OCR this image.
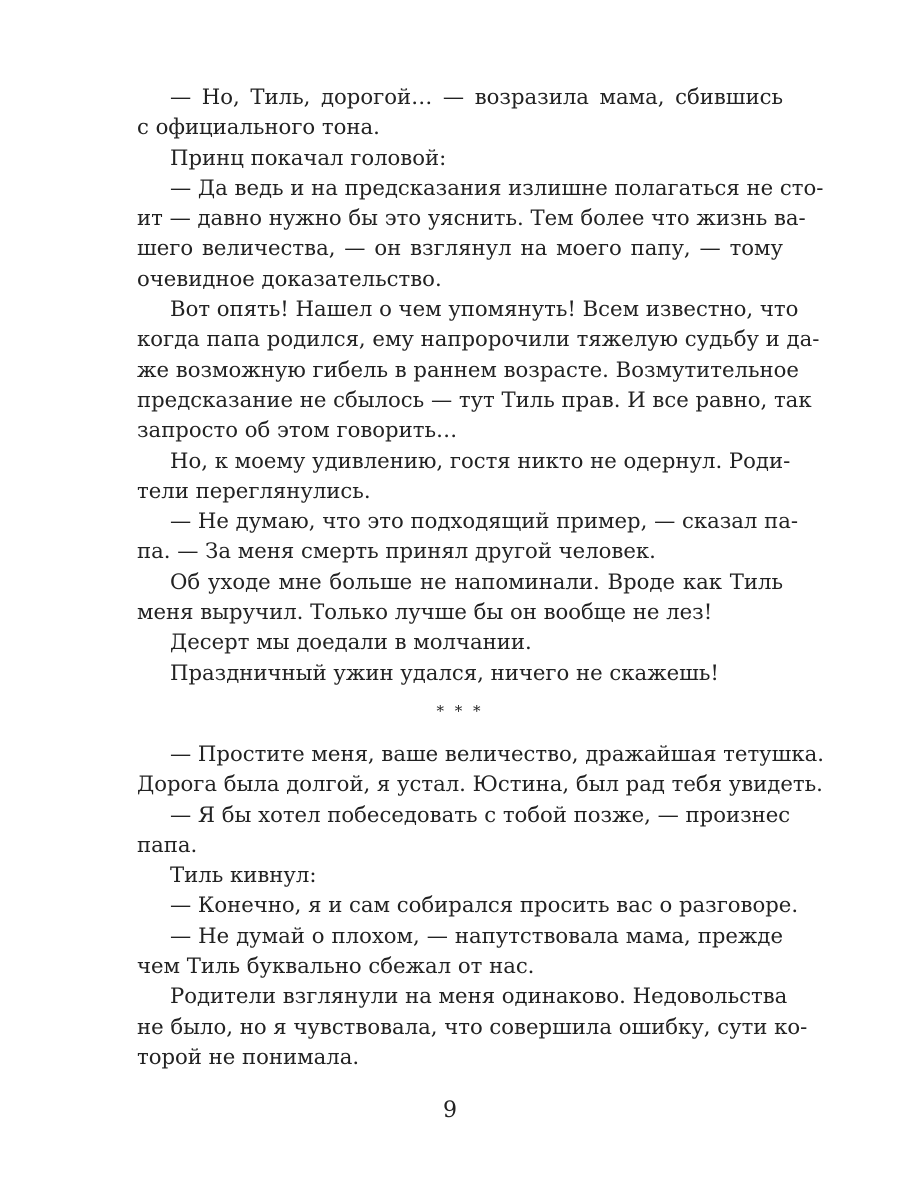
— Но, Тиль, дорогой… — возразила мама, сбившись
с официального тона.
Принц покачал головой:
— Да ведь и на предсказания излишне полагаться не сто-
ит — давно нужно бы это уяснить. Тем более что жизнь ва-
шего величества, — он взглянул на моего папу, — тому
очевидное доказательство.
Вот опять! Нашел о чем упомянуть! Всем известно, что
когда папа родился, ему напророчили тяжелую судьбу и да-
же возможную гибель в раннем возрасте. Возмутительное
предсказание не сбылось — тут Тиль прав. И все равно, так
запросто об этом говорить…
Но, к моему удивлению, гостя никто не одернул. Роди-
тели переглянулись.
— Не думаю, что это подходящий пример, — сказал па-
па. — За меня смерть принял другой человек.
Об уходе мне больше не напоминали. Вроде как Тиль
меня выручил. Только лучше бы он вообще не лез!
Десерт мы доедали в молчании.
Праздничный ужин удался, ничего не скажешь!
* * *
— Простите меня, ваше величество, дражайшая тетушка.
Дорога была долгой, я устал. Юстина, был рад тебя увидеть.
— Я бы хотел побеседовать с тобой позже, — произнес
папа.
Тиль кивнул:
— Конечно, я и сам собирался просить вас о разговоре.
— Не думай о плохом, — напутствовала мама, прежде
чем Тиль буквально сбежал от нас.
Родители взглянули на меня одинаково. Недовольства
не было, но я чувствовала, что совершила ошибку, сути ко-
торой не понимала.
9
